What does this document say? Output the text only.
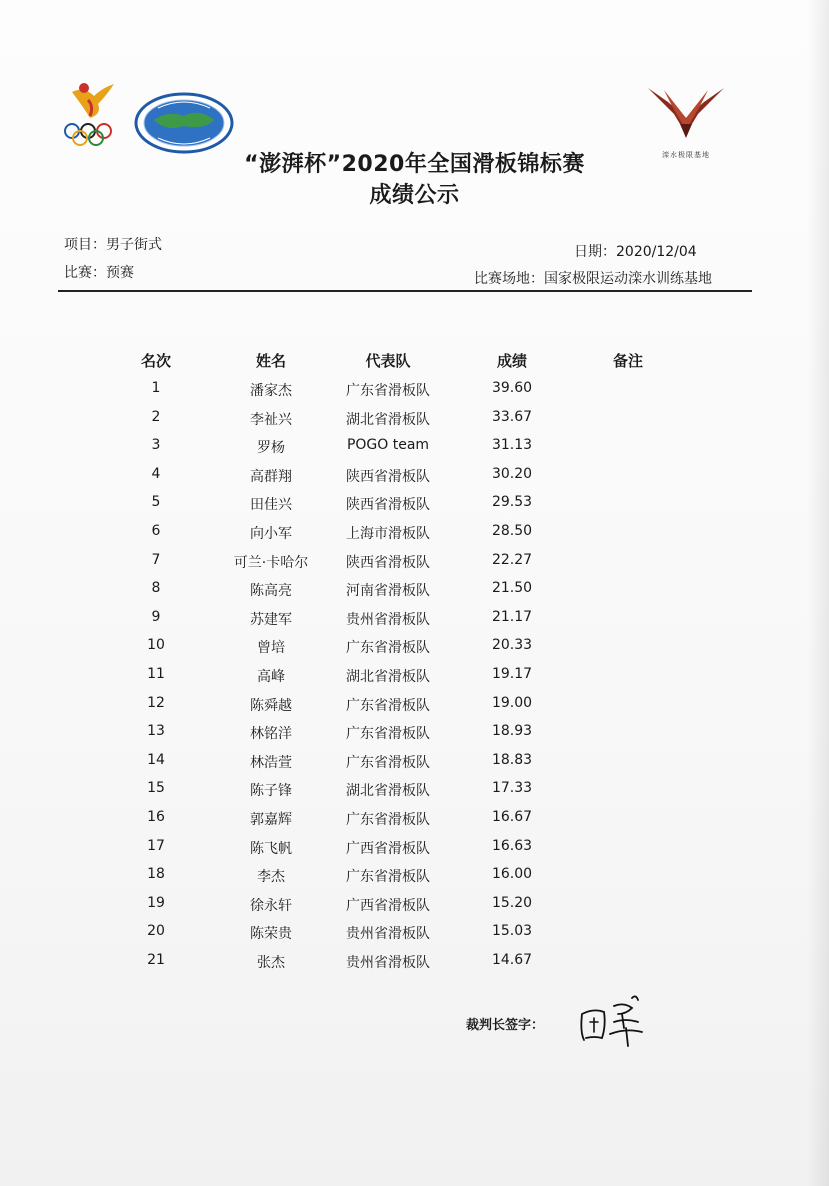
滦水极限基地
“澎湃杯”2020年全国滑板锦标赛
成绩公示
项目：男子街式
比赛：预赛
日期：2020/12/04
比赛场地：国家极限运动滦水训练基地
名次	姓名	代表队	成绩	备注
1	潘家杰	广东省滑板队	39.60
2	李祉兴	湖北省滑板队	33.67
3	罗杨	POGO team	31.13
4	高群翔	陕西省滑板队	30.20
5	田佳兴	陕西省滑板队	29.53
6	向小军	上海市滑板队	28.50
7	可兰·卡哈尔	陕西省滑板队	22.27
8	陈高亮	河南省滑板队	21.50
9	苏建军	贵州省滑板队	21.17
10	曾培	广东省滑板队	20.33
11	高峰	湖北省滑板队	19.17
12	陈舜越	广东省滑板队	19.00
13	林铭洋	广东省滑板队	18.93
14	林浩萱	广东省滑板队	18.83
15	陈子锋	湖北省滑板队	17.33
16	郭嘉辉	广东省滑板队	16.67
17	陈飞帆	广西省滑板队	16.63
18	李杰	广东省滑板队	16.00
19	徐永轩	广西省滑板队	15.20
20	陈荣贵	贵州省滑板队	15.03
21	张杰	贵州省滑板队	14.67
裁判长签字：
